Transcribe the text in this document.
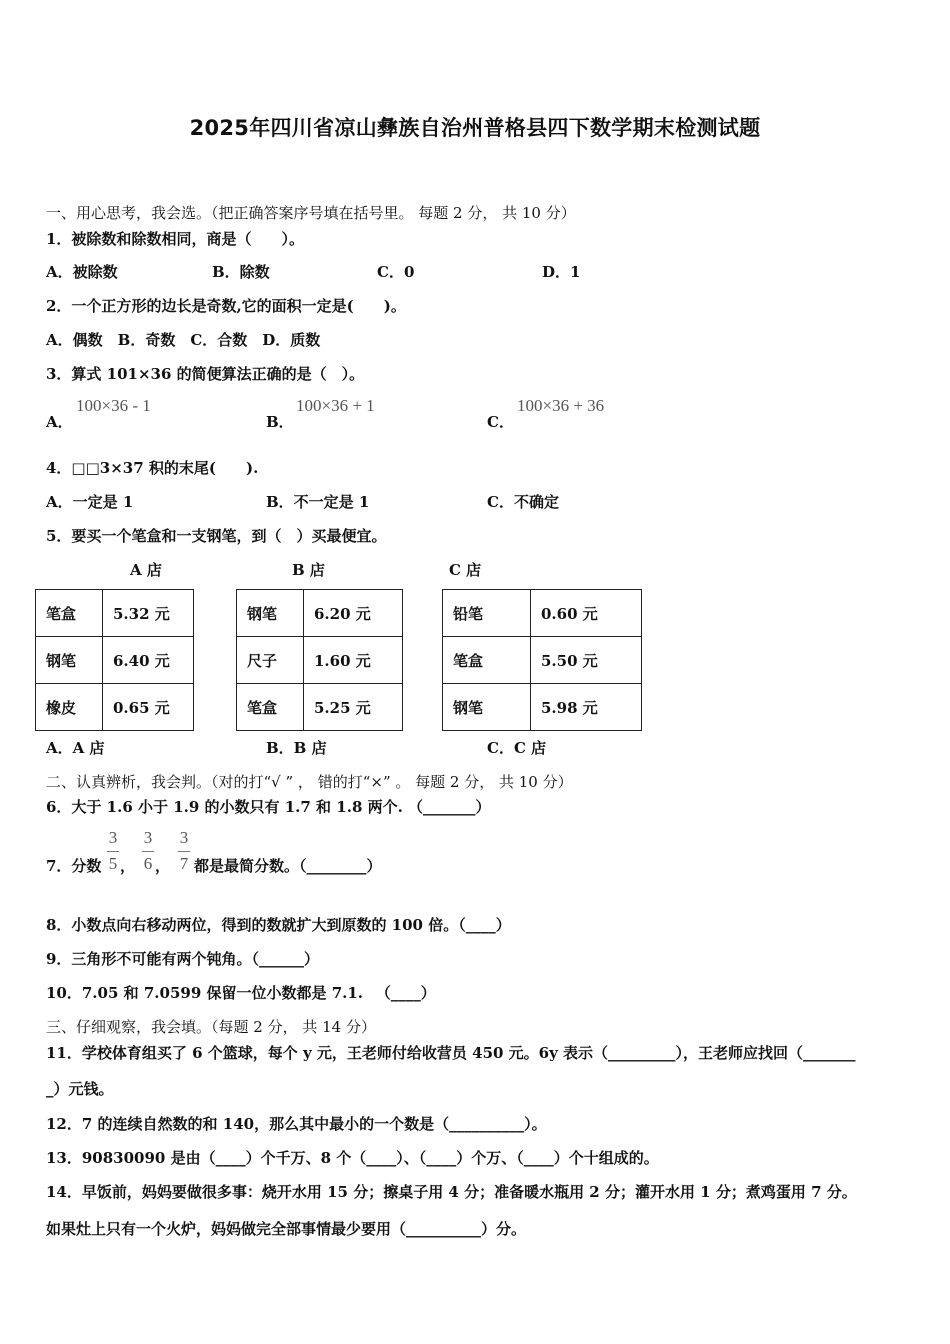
2025年四川省凉山彝族自治州普格县四下数学期末检测试题
一、用心思考，我会选。（把正确答案序号填在括号里。 每题 2 分， 共 10 分）
1．被除数和除数相同，商是（　　）。
A．被除数	B．除数	C．0	D．1
2．一个正方形的边长是奇数,它的面积一定是(　　)。
A．偶数　B．奇数　C．合数　D．质数
3．算式 101×36 的简便算法正确的是（　）。
A．
100×36 - 1
B．
100×36 + 1
C．
100×36 + 36
4．□□3×37 积的末尾(　　).
A．一定是 1	B．不一定是 1	C．不确定
5．要买一个笔盒和一支钢笔，到（　）买最便宜。
A 店	B 店	C 店
笔盒	5.32 元
钢笔	6.40 元
橡皮	0.65 元
钢笔	6.20 元
尺子	1.60 元
笔盒	5.25 元
铅笔	0.60 元
笔盒	5.50 元
钢笔	5.98 元
A．A 店	B．B 店	C．C 店
二、认真辨析，我会判。（对的打“√ ” ， 错的打“×” 。 每题 2 分， 共 10 分）
6．大于 1.6 小于 1.9 的小数只有 1.7 和 1.8 两个. （_______）
7．分数
3
5 ，
3
6 ，
3
7 都是最简分数。（________）
8．小数点向右移动两位，得到的数就扩大到原数的 100 倍。（____）
9．三角形不可能有两个钝角。（______）
10．7.05 和 7.0599 保留一位小数都是 7.1. 　（____）
三、仔细观察，我会填。（每题 2 分， 共 14 分）
11．学校体育组买了 6 个篮球，每个 y 元，王老师付给收营员 450 元。6y 表示（_________），王老师应找回（_______
_）元钱。
12．7 的连续自然数的和 140，那么其中最小的一个数是（__________）。
13．90830090 是由（____）个千万、8 个（____）、（____）个万、（____）个十组成的。
14．早饭前，妈妈要做很多事：烧开水用 15 分；擦桌子用 4 分；准备暖水瓶用 2 分；灌开水用 1 分；煮鸡蛋用 7 分。
如果灶上只有一个火炉，妈妈做完全部事情最少要用（__________）分。
